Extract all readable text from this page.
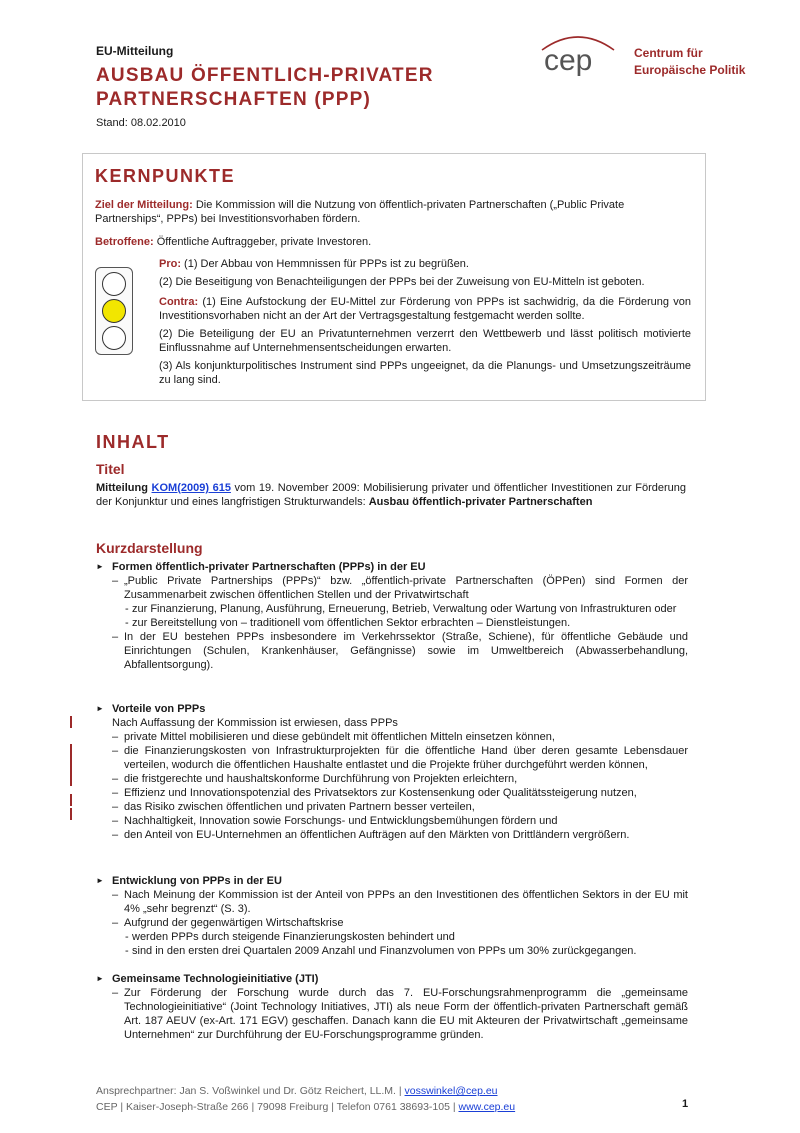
EU-Mitteilung
AUSBAU ÖFFENTLICH-PRIVATER
PARTNERSCHAFTEN (PPP)
Stand: 08.02.2010
cep	Centrum für
Europäische Politik
KERNPUNKTE

Ziel der Mitteilung: Die Kommission will die Nutzung von öffentlich-privaten Partnerschaften („Public Private Partnerships“, PPPs) bei Investitionsvorhaben fördern.

Betroffene: Öffentliche Auftraggeber, private Investoren.

Pro: (1) Der Abbau von Hemmnissen für PPPs ist zu begrüßen.

(2) Die Beseitigung von Benachteiligungen der PPPs bei der Zuweisung von EU-Mitteln ist geboten.

Contra: (1) Eine Aufstockung der EU-Mittel zur Förderung von PPPs ist sachwidrig, da die Förderung von Investitionsvorhaben nicht an der Art der Vertragsgestaltung festgemacht werden sollte.

(2) Die Beteiligung der EU an Privatunternehmen verzerrt den Wettbewerb und lässt politisch motivierte Einflussnahme auf Unternehmensentscheidungen erwarten.

(3) Als konjunkturpolitisches Instrument sind PPPs ungeeignet, da die Planungs- und Umsetzungszeiträume zu lang sind.

INHALT
Titel
Mitteilung KOM(2009) 615 vom 19. November 2009: Mobilisierung privater und öffentlicher Investitionen zur Förderung der Konjunktur und eines langfristigen Strukturwandels: Ausbau öffentlich-privater Partnerschaften
Kurzdarstellung
► Formen öffentlich-privater Partnerschaften (PPPs) in der EU
– „Public Private Partnerships (PPPs)“ bzw. „öffentlich-private Partnerschaften (ÖPPen) sind Formen der Zusammenarbeit zwischen öffentlichen Stellen und der Privatwirtschaft
- zur Finanzierung, Planung, Ausführung, Erneuerung, Betrieb, Verwaltung oder Wartung von Infrastrukturen oder
- zur Bereitstellung von – traditionell vom öffentlichen Sektor erbrachten – Dienstleistungen.
– In der EU bestehen PPPs insbesondere im Verkehrssektor (Straße, Schiene), für öffentliche Gebäude und Einrichtungen (Schulen, Krankenhäuser, Gefängnisse) sowie im Umweltbereich (Abwasserbehandlung, Abfallentsorgung).
► Vorteile von PPPs
Nach Auffassung der Kommission ist erwiesen, dass PPPs
– private Mittel mobilisieren und diese gebündelt mit öffentlichen Mitteln einsetzen können,
– die Finanzierungskosten von Infrastrukturprojekten für die öffentliche Hand über deren gesamte Lebensdauer verteilen, wodurch die öffentlichen Haushalte entlastet und die Projekte früher durchgeführt werden können,
– die fristgerechte und haushaltskonforme Durchführung von Projekten erleichtern,
– Effizienz und Innovationspotenzial des Privatsektors zur Kostensenkung oder Qualitätssteigerung nutzen,
– das Risiko zwischen öffentlichen und privaten Partnern besser verteilen,
– Nachhaltigkeit, Innovation sowie Forschungs- und Entwicklungsbemühungen fördern und
– den Anteil von EU-Unternehmen an öffentlichen Aufträgen auf den Märkten von Drittländern vergrößern.
► Entwicklung von PPPs in der EU
– Nach Meinung der Kommission ist der Anteil von PPPs an den Investitionen des öffentlichen Sektors in der EU mit 4% „sehr begrenzt“ (S. 3).
– Aufgrund der gegenwärtigen Wirtschaftskrise
- werden PPPs durch steigende Finanzierungskosten behindert und
- sind in den ersten drei Quartalen 2009 Anzahl und Finanzvolumen von PPPs um 30% zurückgegangen.
► Gemeinsame Technologieinitiative (JTI)
– Zur Förderung der Forschung wurde durch das 7. EU-Forschungsrahmenprogramm die „gemeinsame Technologieinitiative“ (Joint Technology Initiatives, JTI) als neue Form der öffentlich-privaten Partnerschaft gemäß Art. 187 AEUV (ex-Art. 171 EGV) geschaffen. Danach kann die EU mit Akteuren der Privatwirtschaft „gemeinsame Unternehmen“ zur Durchführung der EU-Forschungsprogramme gründen.
Ansprechpartner: Jan S. Voßwinkel und Dr. Götz Reichert, LL.M. | vosswinkel@cep.eu
CEP | Kaiser-Joseph-Straße 266 | 79098 Freiburg | Telefon 0761 38693-105 | www.cep.eu	1
